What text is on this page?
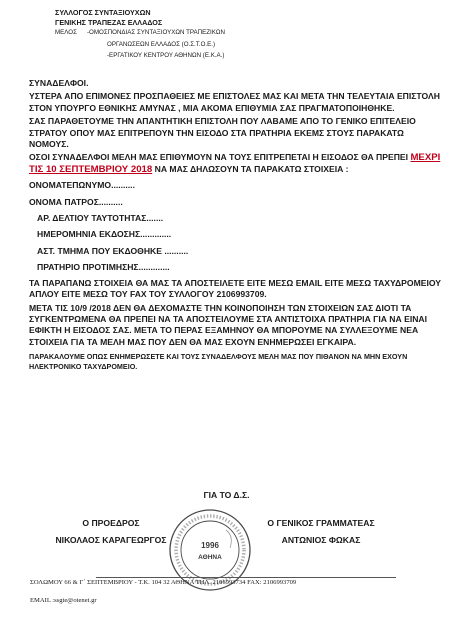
ΣΥΛΛΟΓΟΣ ΣΥΝΤΑΞΙΟΥΧΩΝ
ΓΕΝΙΚΗΣ ΤΡΑΠΕΖΑΣ ΕΛΛΑΔΟΣ
ΜΕΛΟΣ -ΟΜΟΣΠΟΝΔΙΑΣ ΣΥΝΤΑΞΙΟΥΧΩΝ ΤΡΑΠΕΖΙΚΩΝ
ΟΡΓΑΝΩΣΕΩΝ ΕΛΛΑΔΟΣ (Ο.Σ.Τ.Ο.Ε.)
-ΕΡΓΑΤΙΚΟΥ ΚΕΝΤΡΟΥ ΑΘΗΝΩΝ (Ε.Κ.Α.)

ΣΥΝΑΔΕΛΦΟΙ.

ΥΣΤΕΡΑ ΑΠΟ ΕΠΙΜΟΝΕΣ ΠΡΟΣΠΑΘΕΙΕΣ ΜΕ ΕΠΙΣΤΟΛΕΣ ΜΑΣ ΚΑΙ ΜΕΤΑ ΤΗΝ ΤΕΛΕΥΤΑΙΑ ΕΠΙΣΤΟΛΗ ΣΤΟΝ ΥΠΟΥΡΓΟ ΕΘΝΙΚΗΣ ΑΜΥΝΑΣ , ΜΙΑ ΑΚΟΜΑ ΕΠΙΘΥΜΙΑ ΣΑΣ ΠΡΑΓΜΑΤΟΠΟΙΗΘΗΚΕ.

ΣΑΣ ΠΑΡΑΘΕΤΟΥΜΕ ΤΗΝ ΑΠΑΝΤΗΤΙΚΗ ΕΠΙΣΤΟΛΗ ΠΟΥ ΛΑΒΑΜΕ ΑΠΟ ΤΟ ΓΕΝΙΚΟ ΕΠΙΤΕΛΕΙΟ ΣΤΡΑΤΟΥ ΟΠΟΥ ΜΑΣ ΕΠΙΤΡΕΠΟΥΝ ΤΗΝ ΕΙΣΟΔΟ ΣΤΑ ΠΡΑΤΗΡΙΑ ΕΚΕΜΣ ΣΤΟΥΣ ΠΑΡΑΚΑΤΩ ΝΟΜΟΥΣ.

ΟΣΟΙ ΣΥΝΑΔΕΛΦΟΙ ΜΕΛΗ ΜΑΣ ΕΠΙΘΥΜΟΥΝ ΝΑ ΤΟΥΣ ΕΠΙΤΡΕΠΕΤΑΙ Η ΕΙΣΟΔΟΣ ΘΑ ΠΡΕΠΕΙ ΜΕΧΡΙ ΤΙΣ 10 ΣΕΠΤΕΜΒΡΙΟΥ 2018 ΝΑ ΜΑΣ ΔΗΛΩΣΟΥΝ ΤΑ ΠΑΡΑΚΑΤΩ ΣΤΟΙΧΕΙΑ :

ΟΝΟΜΑΤΕΠΩΝΥΜΟ..........

ΟΝΟΜΑ ΠΑΤΡΟΣ..........

ΑΡ. ΔΕΛΤΙΟΥ ΤΑΥΤΟΤΗΤΑΣ.......

ΗΜΕΡΟΜΗΝΙΑ ΕΚΔΟΣΗΣ.............

ΑΣΤ. ΤΜΗΜΑ ΠΟΥ ΕΚΔΟΘΗΚΕ ..........

ΠΡΑΤΗΡΙΟ ΠΡΟΤΙΜΗΣΗΣ.............

ΤΑ ΠΑΡΑΠΑΝΩ ΣΤΟΙΧΕΙΑ ΘΑ ΜΑΣ ΤΑ ΑΠΟΣΤΕΙΛΕΤΕ ΕΙΤΕ ΜΕΣΩ EMAIL ΕΙΤΕ ΜΕΣΩ ΤΑΧΥΔΡΟΜΕΙΟΥ ΑΠΛΟΥ ΕΙΤΕ ΜΕΣΩ ΤΟΥ FAX ΤΟΥ ΣΥΛΛΟΓΟΥ 2106993709.

ΜΕΤΑ ΤΙΣ 10/9 /2018 ΔΕΝ ΘΑ ΔΕΧΟΜΑΣΤΕ ΤΗΝ ΚΟΙΝΟΠΟΙΗΣΗ ΤΩΝ ΣΤΟΙΧΕΙΩΝ ΣΑΣ ΔΙΟΤΙ ΤΑ ΣΥΓΚΕΝΤΡΩΜΕΝΑ ΘΑ ΠΡΕΠΕΙ ΝΑ ΤΑ ΑΠΟΣΤΕΙΛΟΥΜΕ ΣΤΑ ΑΝΤΙΣΤΟΙΧΑ ΠΡΑΤΗΡΙΑ ΓΙΑ ΝΑ ΕΙΝΑΙ ΕΦΙΚΤΗ Η ΕΙΣΟΔΟΣ ΣΑΣ. ΜΕΤΑ ΤΟ ΠΕΡΑΣ ΕΞΑΜΗΝΟΥ ΘΑ ΜΠΟΡΟΥΜΕ ΝΑ ΣΥΛΛΕΞΟΥΜΕ ΝΕΑ ΣΤΟΙΧΕΙΑ ΓΙΑ ΤΑ ΜΕΛΗ ΜΑΣ ΠΟΥ ΔΕΝ ΘΑ ΜΑΣ ΕΧΟΥΝ ΕΝΗΜΕΡΩΣΕΙ ΕΓΚΑΙΡΑ.

ΠΑΡΑΚΑΛΟΥΜΕ ΟΠΩΣ ΕΝΗΜΕΡΩΣΕΤΕ ΚΑΙ ΤΟΥΣ ΣΥΝΑΔΕΛΦΟΥΣ ΜΕΛΗ ΜΑΣ ΠΟΥ ΠΙΘΑΝΟΝ ΝΑ ΜΗΝ ΕΧΟΥΝ ΗΛΕΚΤΡΟΝΙΚΟ ΤΑΧΥΔΡΟΜΕΙΟ.

ΓΙΑ ΤΟ Δ.Σ.
Ο ΠΡΟΕΔΡΟΣ
ΝΙΚΟΛΑΟΣ ΚΑΡΑΓΕΩΡΓΟΣ
Ο ΓΕΝΙΚΟΣ ΓΡΑΜΜΑΤΕΑΣ
ΑΝΤΩΝΙΟΣ ΦΩΚΑΣ
1996
ΑΘΗΝΑ
ΣΟΛΩΜΟΥ 66 & Γ΄ ΣΕΠΤΕΜΒΡΙΟΥ - Τ.Κ. 104 32 ΑΘΗΝΑ ΤΗΛ. 2106993734 FAX: 2106993709
EMAIL :ssgte@otenet.gr
